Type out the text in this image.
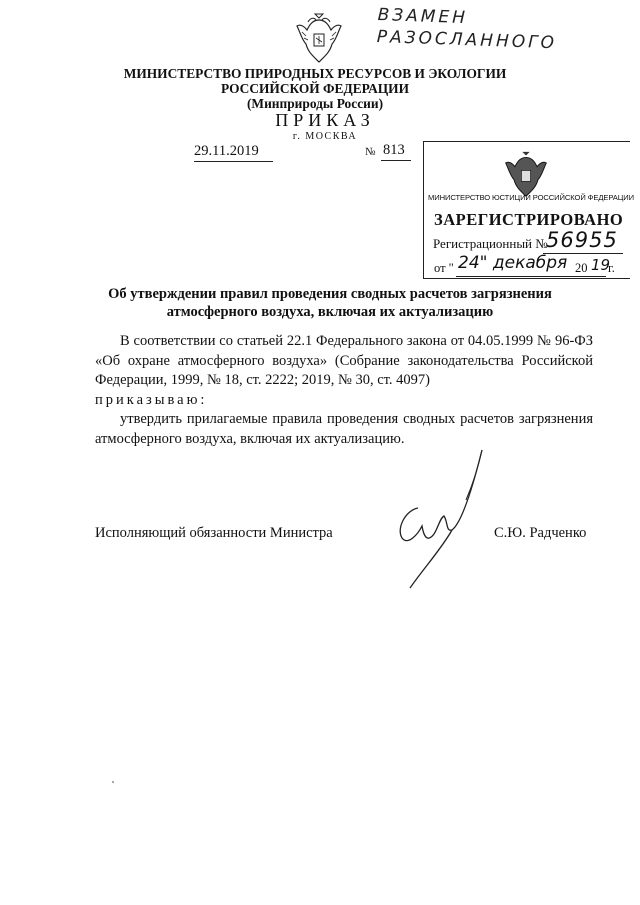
ВЗАМЕН
РАЗОСЛАННОГО
МИНИСТЕРСТВО ПРИРОДНЫХ РЕСУРСОВ И ЭКОЛОГИИ
РОССИЙСКОЙ ФЕДЕРАЦИИ
(Минприроды России)
ПРИКАЗ
г. МОСКВА
29.11.2019	№ 813
МИНИСТЕРСТВО ЮСТИЦИИ РОССИЙСКОЙ ФЕДЕРАЦИИ
ЗАРЕГИСТРИРОВАНО
Регистрационный №
56955
от " 24" декабря 20 19
г.
Об утверждении правил проведения сводных расчетов загрязнения
атмосферного воздуха, включая их актуализацию

В соответствии со статьей 22.1 Федерального закона от 04.05.1999 № 96-ФЗ «Об охране атмосферного воздуха» (Собрание законодательства Российской Федерации, 1999, № 18, ст. 2222; 2019, № 30, ст. 4097)

приказываю:

утвердить прилагаемые правила проведения сводных расчетов загрязнения атмосферного воздуха, включая их актуализацию.

Исполняющий обязанности Министра	С.Ю. Радченко
